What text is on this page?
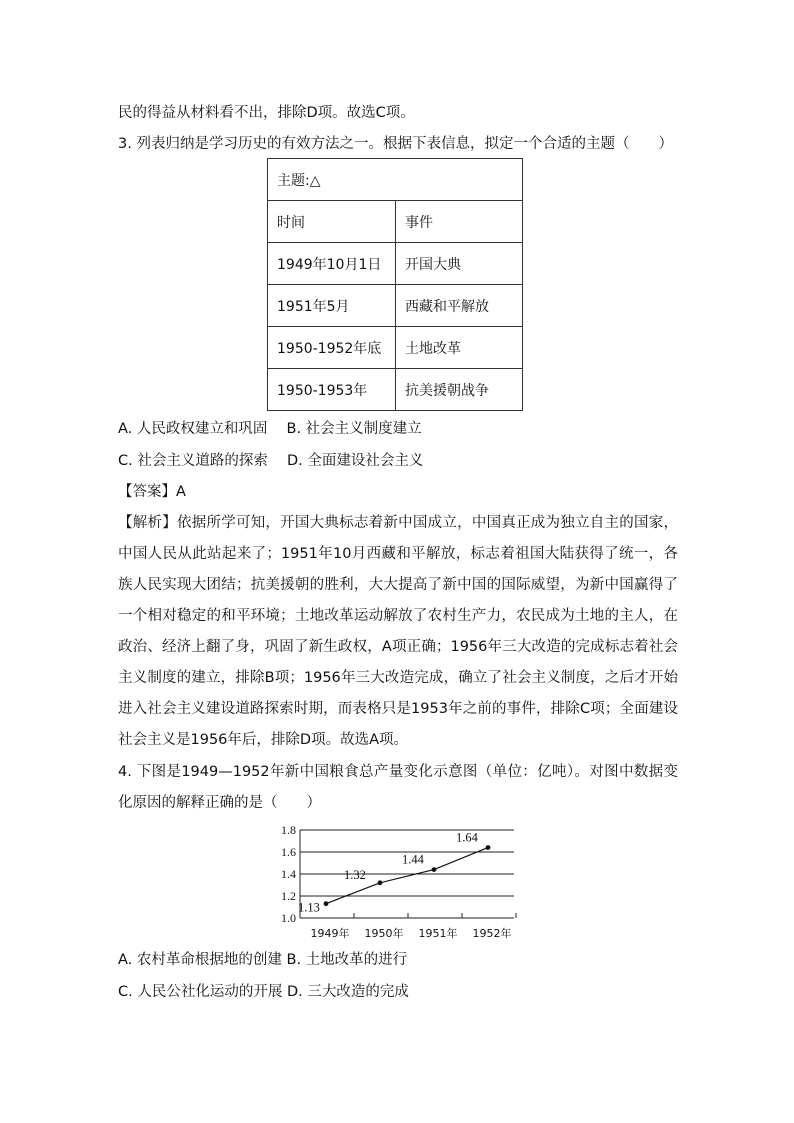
民的得益从材料看不出，排除D项。故选C项。
3. 列表归纳是学习历史的有效方法之一。根据下表信息，拟定一个合适的主题（　　）
主题:△	
时间	事件
1949年10月1日	开国大典
1951年5月	西藏和平解放
1950-1952年底	土地改革
1950-1953年	抗美援朝战争
A. 人民政权建立和巩固　 B. 社会主义制度建立
C. 社会主义道路的探索　 D. 全面建设社会主义
【答案】A
【解析】依据所学可知，开国大典标志着新中国成立，中国真正成为独立自主的国家，中国人民从此站起来了；1951年10月西藏和平解放，标志着祖国大陆获得了统一，各族人民实现大团结；抗美援朝的胜利，大大提高了新中国的国际威望，为新中国赢得了一个相对稳定的和平环境；土地改革运动解放了农村生产力，农民成为土地的主人，在政治、经济上翻了身，巩固了新生政权，A项正确；1956年三大改造的完成标志着社会主义制度的建立，排除B项；1956年三大改造完成，确立了社会主义制度，之后才开始进入社会主义建设道路探索时期，而表格只是1953年之前的事件，排除C项；全面建设社会主义是1956年后，排除D项。故选A项。
4. 下图是1949—1952年新中国粮食总产量变化示意图（单位：亿吨）。对图中数据变化原因的解释正确的是（　　）
1.0
1.2
1.4
1.6
1.8
1949年 1950年 1951年 1952年
1.13
1.32
1.44
1.64
A. 农村革命根据地的创建 B. 土地改革的进行
C. 人民公社化运动的开展 D. 三大改造的完成
